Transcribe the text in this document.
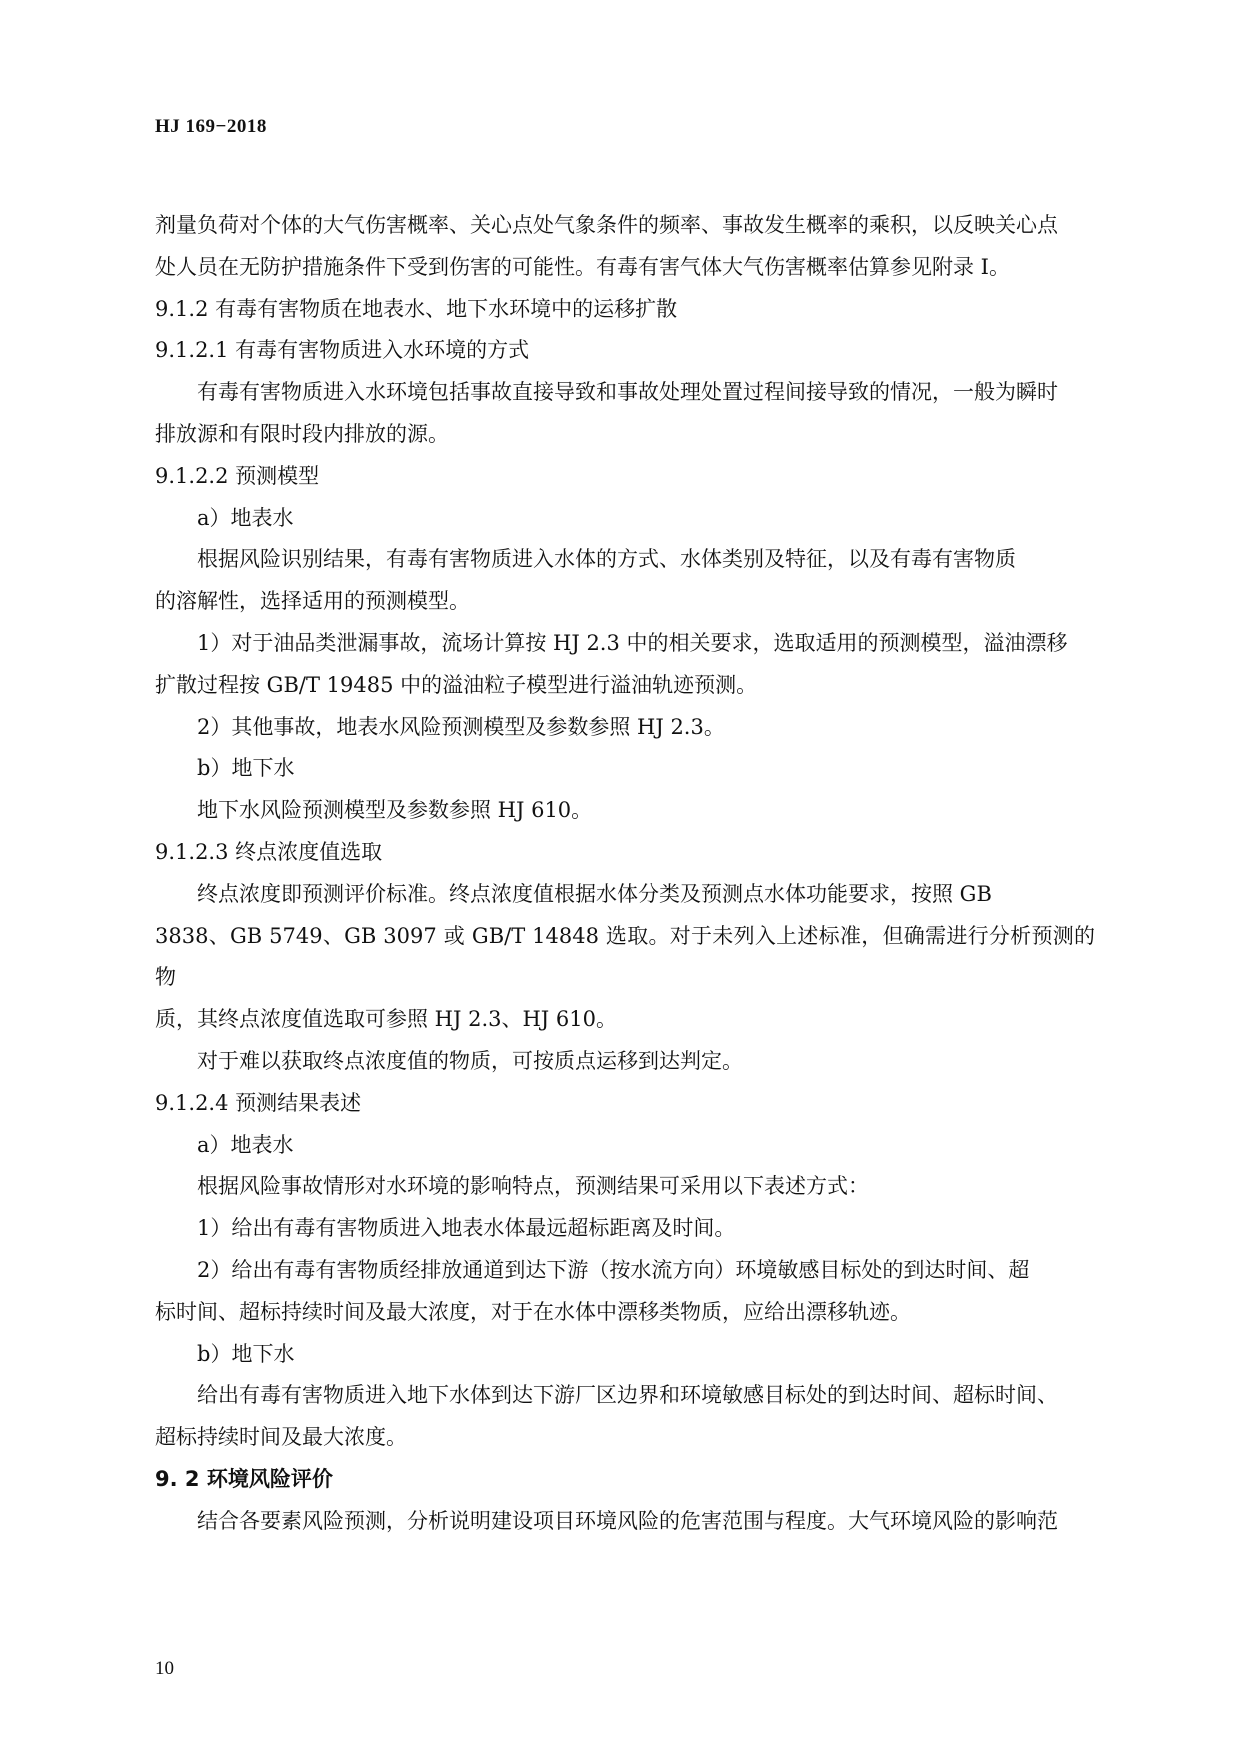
HJ 169−2018

剂量负荷对个体的大气伤害概率、关心点处气象条件的频率、事故发生概率的乘积，以反映关心点

处人员在无防护措施条件下受到伤害的可能性。有毒有害气体大气伤害概率估算参见附录 I。

9.1.2 有毒有害物质在地表水、地下水环境中的运移扩散

9.1.2.1 有毒有害物质进入水环境的方式

有毒有害物质进入水环境包括事故直接导致和事故处理处置过程间接导致的情况，一般为瞬时

排放源和有限时段内排放的源。

9.1.2.2 预测模型

a）地表水

根据风险识别结果，有毒有害物质进入水体的方式、水体类别及特征，以及有毒有害物质

的溶解性，选择适用的预测模型。

1）对于油品类泄漏事故，流场计算按 HJ 2.3 中的相关要求，选取适用的预测模型，溢油漂移

扩散过程按 GB/T 19485 中的溢油粒子模型进行溢油轨迹预测。

2）其他事故，地表水风险预测模型及参数参照 HJ 2.3。

b）地下水

地下水风险预测模型及参数参照 HJ 610。

9.1.2.3 终点浓度值选取

终点浓度即预测评价标准。终点浓度值根据水体分类及预测点水体功能要求，按照 GB

3838、GB 5749、GB 3097 或 GB/T 14848 选取。对于未列入上述标准，但确需进行分析预测的物

质，其终点浓度值选取可参照 HJ 2.3、HJ 610。

对于难以获取终点浓度值的物质，可按质点运移到达判定。

9.1.2.4 预测结果表述

a）地表水

根据风险事故情形对水环境的影响特点，预测结果可采用以下表述方式：

1）给出有毒有害物质进入地表水体最远超标距离及时间。

2）给出有毒有害物质经排放通道到达下游（按水流方向）环境敏感目标处的到达时间、超

标时间、超标持续时间及最大浓度，对于在水体中漂移类物质，应给出漂移轨迹。

b）地下水

给出有毒有害物质进入地下水体到达下游厂区边界和环境敏感目标处的到达时间、超标时间、

超标持续时间及最大浓度。

9. 2 环境风险评价

结合各要素风险预测，分析说明建设项目环境风险的危害范围与程度。大气环境风险的影响范

10
